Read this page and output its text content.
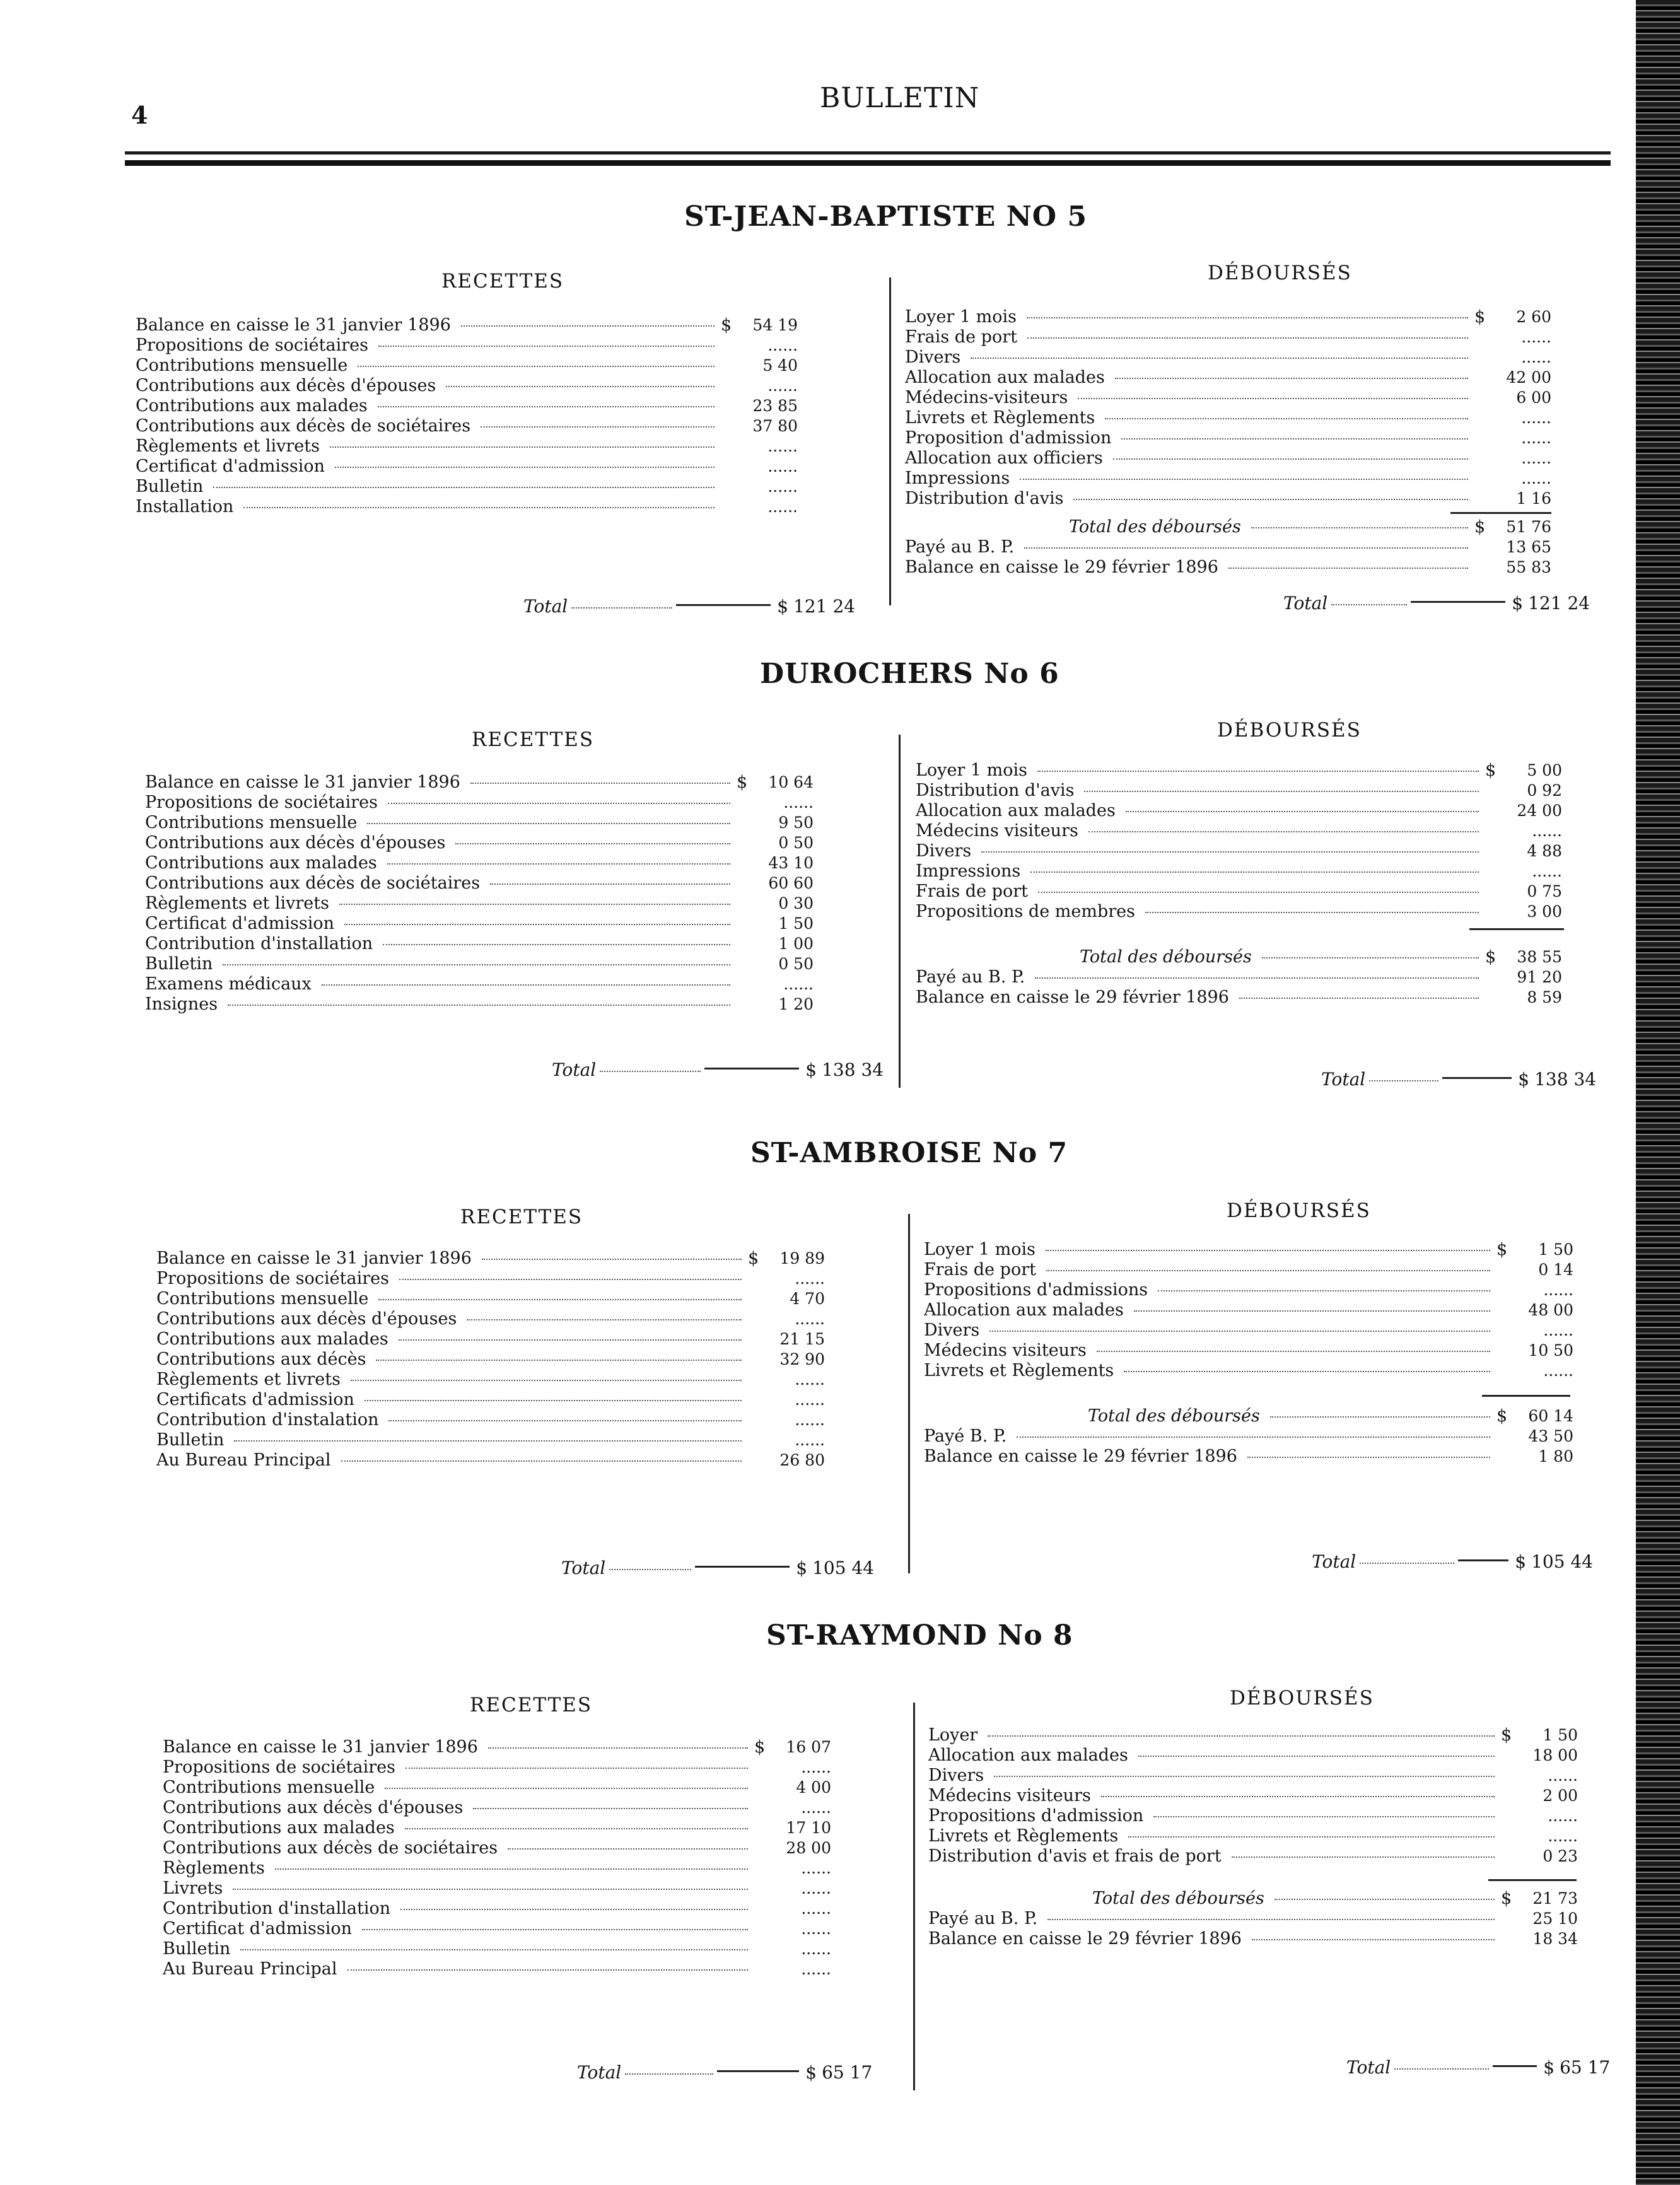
4
BULLETIN
ST-JEAN-BAPTISTE NO 5
RECETTES	DÉBOURSÉS
Balance en caisse le 31 janvier 1896	$	54 19
Propositions de sociétaires	......
Contributions mensuelle	5 40
Contributions aux décès d'épouses	......
Contributions aux malades	23 85
Contributions aux décès de sociétaires	37 80
Règlements et livrets	......
Certificat d'admission	......
Bulletin	......
Installation	......
Loyer 1 mois	$	2 60
Frais de port	......
Divers	......
Allocation aux malades	42 00
Médecins-visiteurs	6 00
Livrets et Règlements	......
Proposition d'admission	......
Allocation aux officiers	......
Impressions	......
Distribution d'avis	1 16
Total des déboursés	$	51 76
Payé au B. P.	13 65
Balance en caisse le 29 février 1896	55 83
Total	$ 121 24	Total	$ 121 24
DUROCHERS No 6
RECETTES	DÉBOURSÉS
Balance en caisse le 31 janvier 1896	$	10 64
Propositions de sociétaires	......
Contributions mensuelle	9 50
Contributions aux décès d'épouses	0 50
Contributions aux malades	43 10
Contributions aux décès de sociétaires	60 60
Règlements et livrets	0 30
Certificat d'admission	1 50
Contribution d'installation	1 00
Bulletin	0 50
Examens médicaux	......
Insignes	1 20
Loyer 1 mois	$	5 00
Distribution d'avis	0 92
Allocation aux malades	24 00
Médecins visiteurs	......
Divers	4 88
Impressions	......
Frais de port	0 75
Propositions de membres	3 00
Total des déboursés	$	38 55
Payé au B. P.	91 20
Balance en caisse le 29 février 1896	8 59
Total	$ 138 34	Total	$ 138 34
ST-AMBROISE No 7
RECETTES	DÉBOURSÉS
Balance en caisse le 31 janvier 1896	$	19 89
Propositions de sociétaires	......
Contributions mensuelle	4 70
Contributions aux décès d'épouses	......
Contributions aux malades	21 15
Contributions aux décès	32 90
Règlements et livrets	......
Certificats d'admission	......
Contribution d'instalation	......
Bulletin	......
Au Bureau Principal	26 80
Loyer 1 mois	$	1 50
Frais de port	0 14
Propositions d'admissions	......
Allocation aux malades	48 00
Divers	......
Médecins visiteurs	10 50
Livrets et Règlements	......
Total des déboursés	$	60 14
Payé B. P.	43 50
Balance en caisse le 29 février 1896	1 80
Total	$ 105 44	Total	$ 105 44
ST-RAYMOND No 8
RECETTES	DÉBOURSÉS
Balance en caisse le 31 janvier 1896	$	16 07
Propositions de sociétaires	......
Contributions mensuelle	4 00
Contributions aux décès d'épouses	......
Contributions aux malades	17 10
Contributions aux décès de sociétaires	28 00
Règlements	......
Livrets	......
Contribution d'installation	......
Certificat d'admission	......
Bulletin	......
Au Bureau Principal	......
Loyer	$	1 50
Allocation aux malades	18 00
Divers	......
Médecins visiteurs	2 00
Propositions d'admission	......
Livrets et Règlements	......
Distribution d'avis et frais de port	0 23
Total des déboursés	$	21 73
Payé au B. P.	25 10
Balance en caisse le 29 février 1896	18 34
Total	$ 65 17	Total	$ 65 17
